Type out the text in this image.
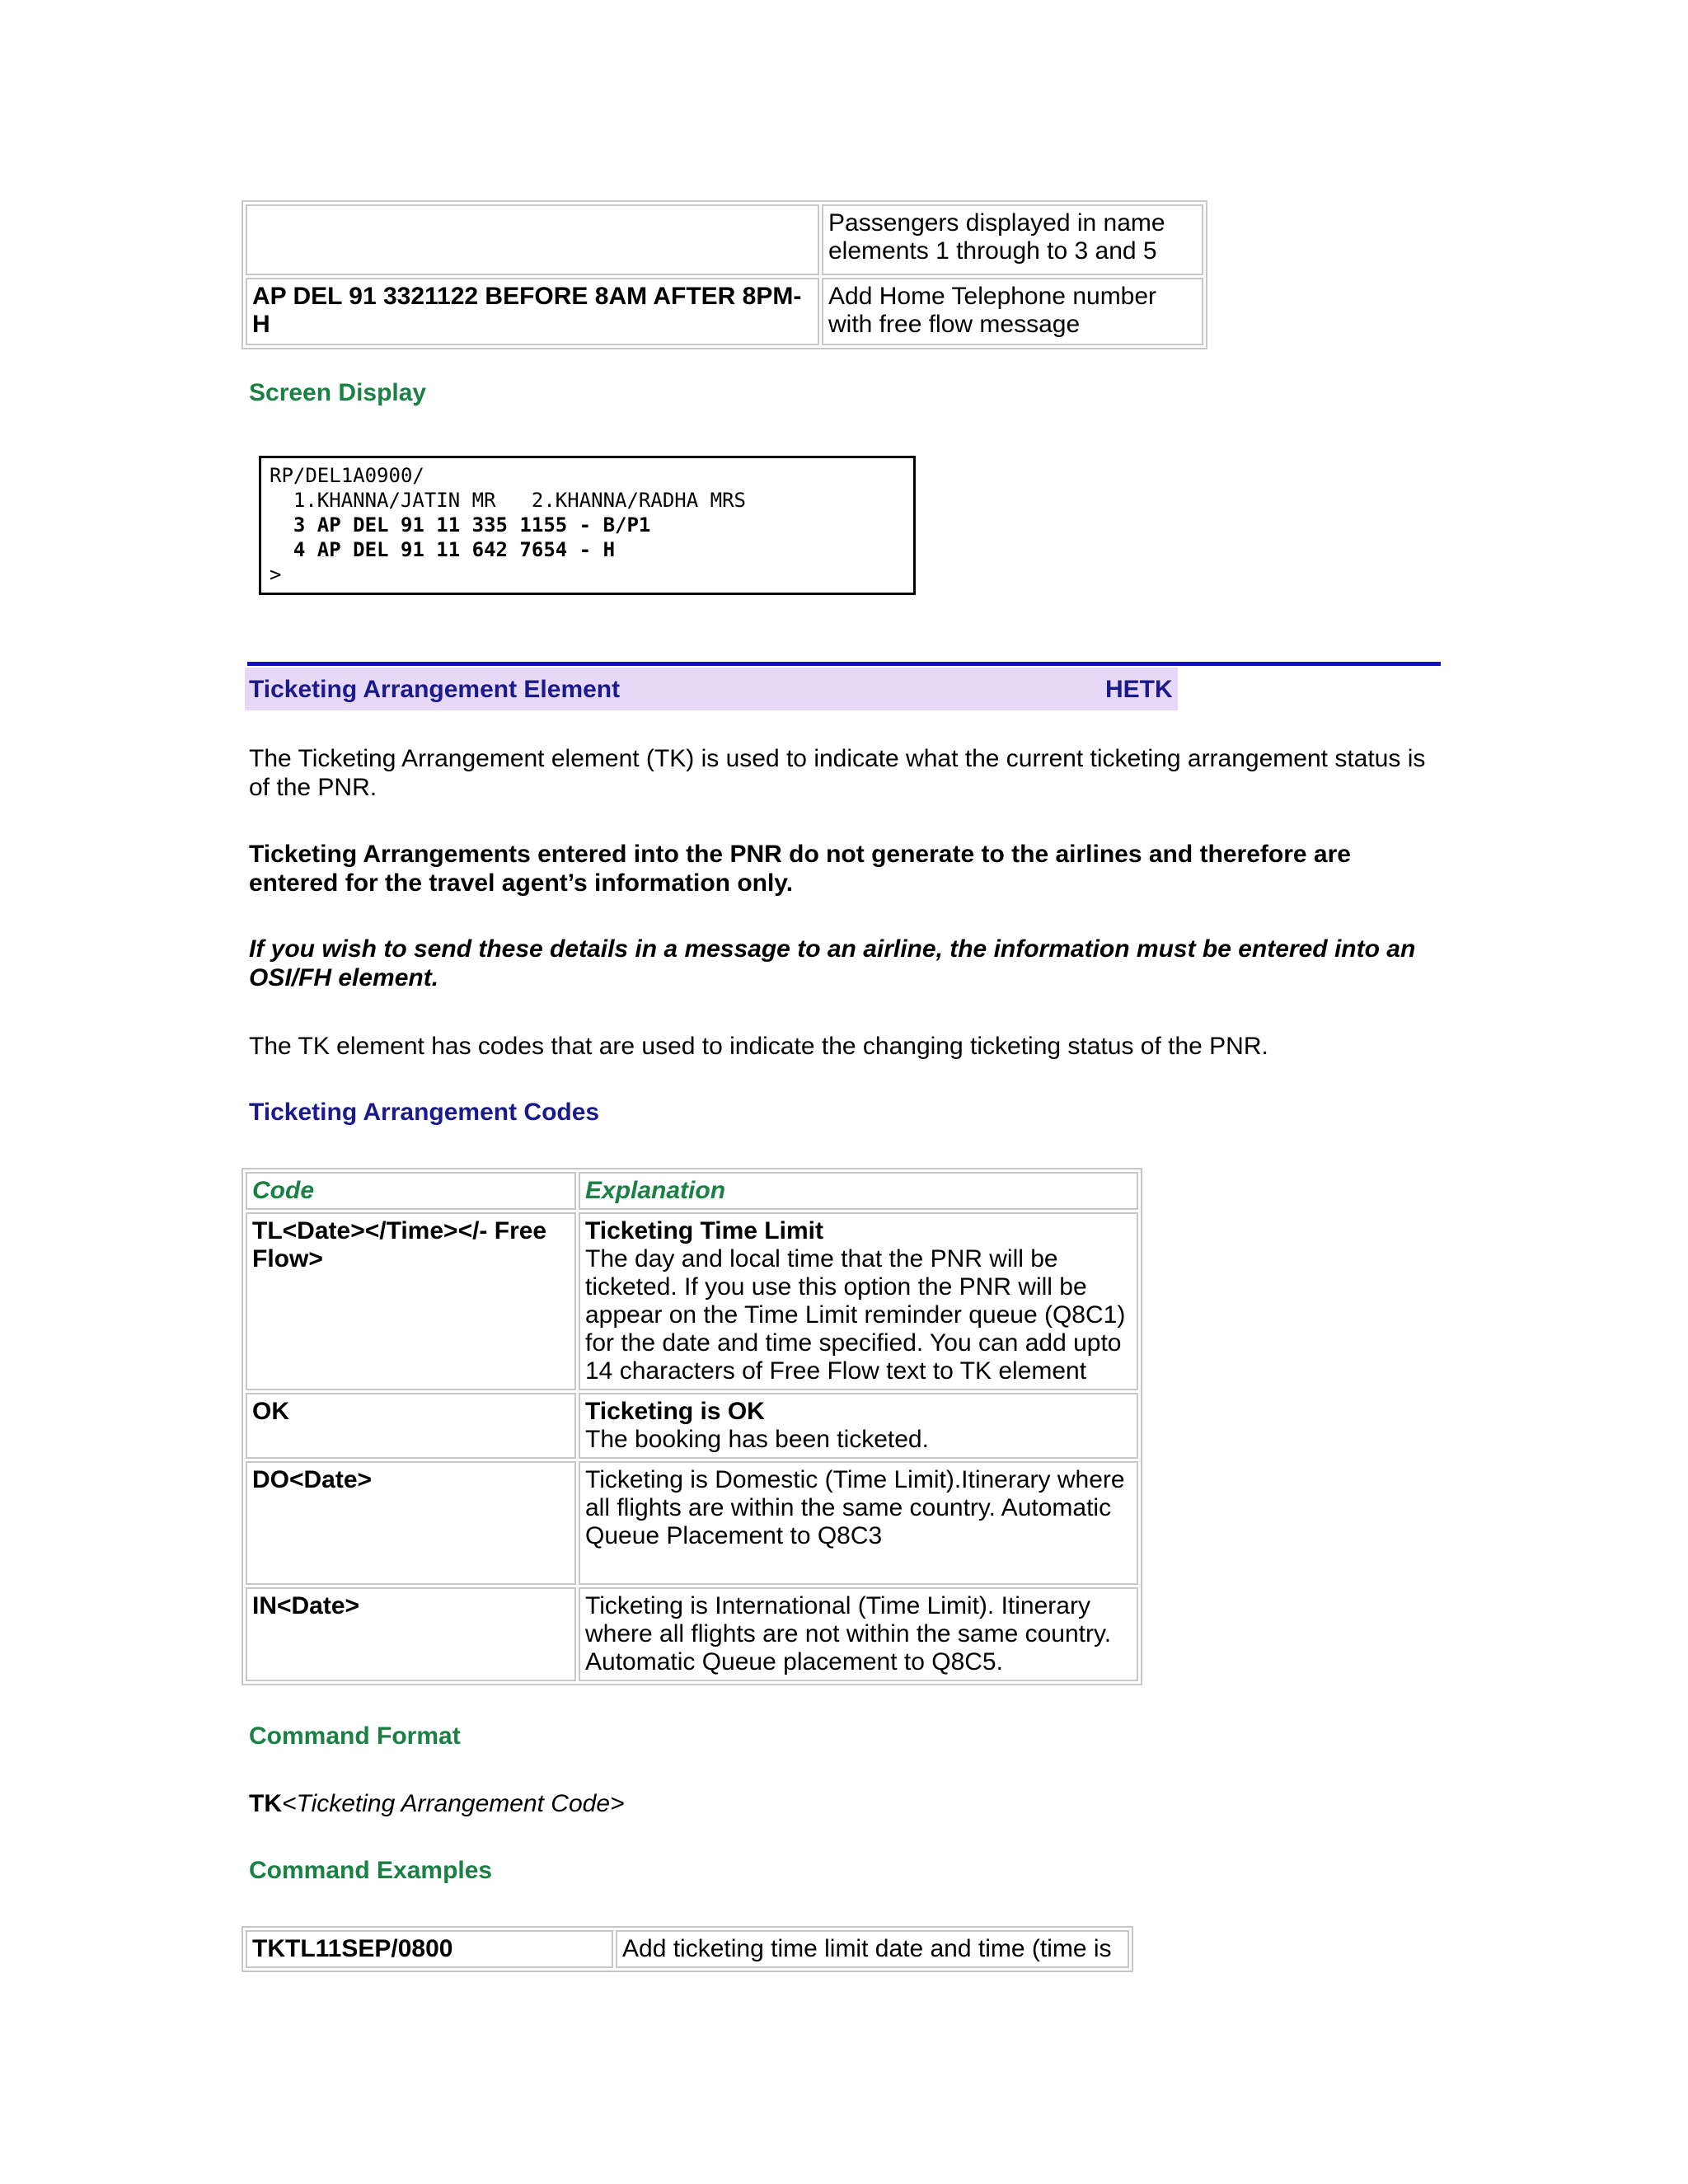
	Passengers displayed in name elements 1 through to 3 and 5
AP DEL 91 3321122 BEFORE 8AM AFTER 8PM-H	Add Home Telephone number with free flow message
Screen Display
RP/DEL1A0900/
1.KHANNA/JATIN MR   2.KHANNA/RADHA MRS
3 AP DEL 91 11 335 1155 - B/P1
4 AP DEL 91 11 642 7654 - H
>
Ticketing Arrangement Element	HETK
The Ticketing Arrangement element (TK) is used to indicate what the current ticketing arrangement status is of the PNR.
Ticketing Arrangements entered into the PNR do not generate to the airlines and therefore are entered for the travel agent’s information only.
If you wish to send these details in a message to an airline, the information must be entered into an OSI/FH element.
The TK element has codes that are used to indicate the changing ticketing status of the PNR.
Ticketing Arrangement Codes
Code	Explanation
TL<Date></Time></- Free Flow>	Ticketing Time Limit
The day and local time that the PNR will be ticketed. If you use this option the PNR will be appear on the Time Limit reminder queue (Q8C1) for the date and time specified. You can add upto 14 characters of Free Flow text to TK element

OK	Ticketing is OK
The booking has been ticketed.

DO<Date>	Ticketing is Domestic (Time Limit).Itinerary where all flights are within the same country. Automatic Queue Placement to Q8C3

IN<Date>	Ticketing is International (Time Limit). Itinerary where all flights are not within the same country. Automatic Queue placement to Q8C5.
Command Format
TK<Ticketing Arrangement Code>
Command Examples
TKTL11SEP/0800	Add ticketing time limit date and time (time is
